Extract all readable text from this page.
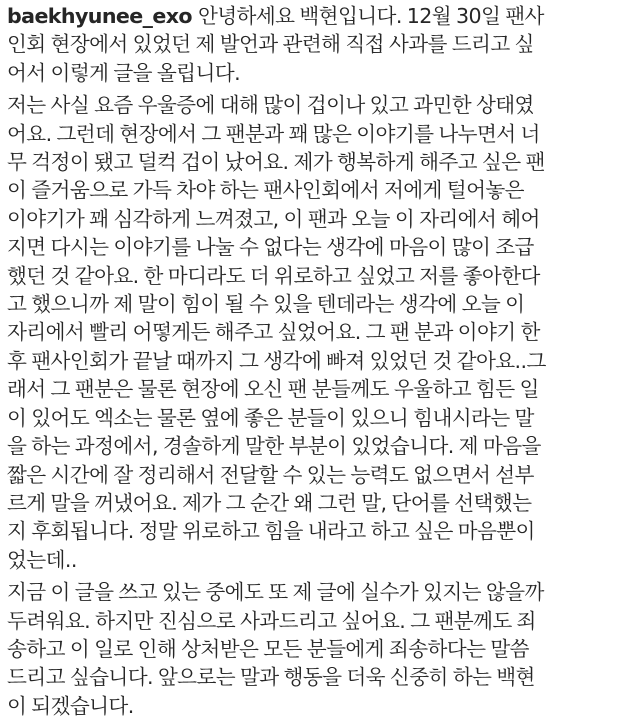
baekhyunee_exo 안녕하세요 백현입니다. 12월 30일 팬사
인회 현장에서 있었던 제 발언과 관련해 직접 사과를 드리고 싶
어서 이렇게 글을 올립니다.
저는 사실 요즘 우울증에 대해 많이 겁이나 있고 과민한 상태였
어요. 그런데 현장에서 그 팬분과 꽤 많은 이야기를 나누면서 너
무 걱정이 됐고 덜컥 겁이 났어요. 제가 행복하게 해주고 싶은 팬
이 즐거움으로 가득 차야 하는 팬사인회에서 저에게 털어놓은
이야기가 꽤 심각하게 느껴졌고, 이 팬과 오늘 이 자리에서 헤어
지면 다시는 이야기를 나눌 수 없다는 생각에 마음이 많이 조급
했던 것 같아요. 한 마디라도 더 위로하고 싶었고 저를 좋아한다
고 했으니까 제 말이 힘이 될 수 있을 텐데라는 생각에 오늘 이
자리에서 빨리 어떻게든 해주고 싶었어요. 그 팬 분과 이야기 한
후 팬사인회가 끝날 때까지 그 생각에 빠져 있었던 것 같아요..그
래서 그 팬분은 물론 현장에 오신 팬 분들께도 우울하고 힘든 일
이 있어도 엑소는 물론 옆에 좋은 분들이 있으니 힘내시라는 말
을 하는 과정에서, 경솔하게 말한 부분이 있었습니다. 제 마음을
짧은 시간에 잘 정리해서 전달할 수 있는 능력도 없으면서 섣부
르게 말을 꺼냈어요. 제가 그 순간 왜 그런 말, 단어를 선택했는
지 후회됩니다. 정말 위로하고 힘을 내라고 하고 싶은 마음뿐이
었는데..
지금 이 글을 쓰고 있는 중에도 또 제 글에 실수가 있지는 않을까
두려워요. 하지만 진심으로 사과드리고 싶어요. 그 팬분께도 죄
송하고 이 일로 인해 상처받은 모든 분들에게 죄송하다는 말씀
드리고 싶습니다. 앞으로는 말과 행동을 더욱 신중히 하는 백현
이 되겠습니다.
